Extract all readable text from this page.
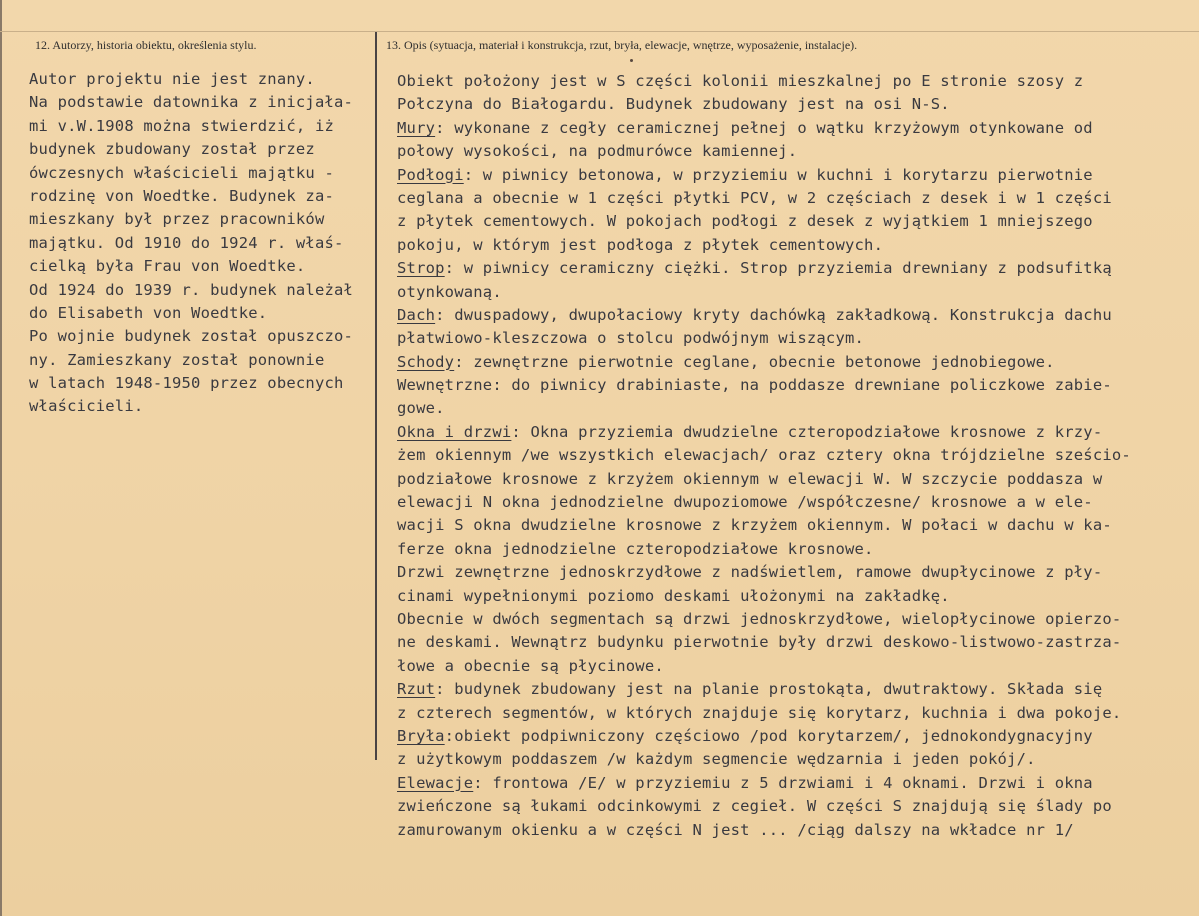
12. Autorzy, historia obiektu, określenia stylu.	13. Opis (sytuacja, materiał i konstrukcja, rzut, bryła, elewacje, wnętrze, wyposażenie, instalacje).
Autor projektu nie jest znany.
Na podstawie datownika z inicjała-
mi v.W.1908 można stwierdzić, iż
budynek zbudowany został przez
ówczesnych właścicieli majątku -
rodzinę von Woedtke. Budynek za-
mieszkany był przez pracowników
majątku. Od 1910 do 1924 r. właś-
cielką była Frau von Woedtke.
Od 1924 do 1939 r. budynek należał
do Elisabeth von Woedtke.
Po wojnie budynek został opuszczo-
ny. Zamieszkany został ponownie
w latach 1948-1950 przez obecnych
właścicieli.
Obiekt położony jest w S części kolonii mieszkalnej po E stronie szosy z
Połczyna do Białogardu. Budynek zbudowany jest na osi N-S.
Mury: wykonane z cegły ceramicznej pełnej o wątku krzyżowym otynkowane od
połowy wysokości, na podmurówce kamiennej.
Podłogi: w piwnicy betonowa, w przyziemiu w kuchni i korytarzu pierwotnie
ceglana a obecnie w 1 części płytki PCV, w 2 częściach z desek i w 1 części
z płytek cementowych. W pokojach podłogi z desek z wyjątkiem 1 mniejszego
pokoju, w którym jest podłoga z płytek cementowych.
Strop: w piwnicy ceramiczny ciężki. Strop przyziemia drewniany z podsufitką
otynkowaną.
Dach: dwuspadowy, dwupołaciowy kryty dachówką zakładkową. Konstrukcja dachu
płatwiowo-kleszczowa o stolcu podwójnym wiszącym.
Schody: zewnętrzne pierwotnie ceglane, obecnie betonowe jednobiegowe.
Wewnętrzne: do piwnicy drabiniaste, na poddasze drewniane policzkowe zabie-
gowe.
Okna i drzwi: Okna przyziemia dwudzielne czteropodziałowe krosnowe z krzy-
żem okiennym /we wszystkich elewacjach/ oraz cztery okna trójdzielne sześcio-
podziałowe krosnowe z krzyżem okiennym w elewacji W. W szczycie poddasza w
elewacji N okna jednodzielne dwupoziomowe /współczesne/ krosnowe a w ele-
wacji S okna dwudzielne krosnowe z krzyżem okiennym. W połaci w dachu w ka-
ferze okna jednodzielne czteropodziałowe krosnowe.
Drzwi zewnętrzne jednoskrzydłowe z nadświetlem, ramowe dwupłycinowe z pły-
cinami wypełnionymi poziomo deskami ułożonymi na zakładkę.
Obecnie w dwóch segmentach są drzwi jednoskrzydłowe, wielopłycinowe opierzo-
ne deskami. Wewnątrz budynku pierwotnie były drzwi deskowo-listwowo-zastrza-
łowe a obecnie są płycinowe.
Rzut: budynek zbudowany jest na planie prostokąta, dwutraktowy. Składa się
z czterech segmentów, w których znajduje się korytarz, kuchnia i dwa pokoje.
Bryła:obiekt podpiwniczony częściowo /pod korytarzem/, jednokondygnacyjny
z użytkowym poddaszem /w każdym segmencie wędzarnia i jeden pokój/.
Elewacje: frontowa /E/ w przyziemiu z 5 drzwiami i 4 oknami. Drzwi i okna
zwieńczone są łukami odcinkowymi z cegieł. W części S znajdują się ślady po
zamurowanym okienku a w części N jest ... /ciąg dalszy na wkładce nr 1/
